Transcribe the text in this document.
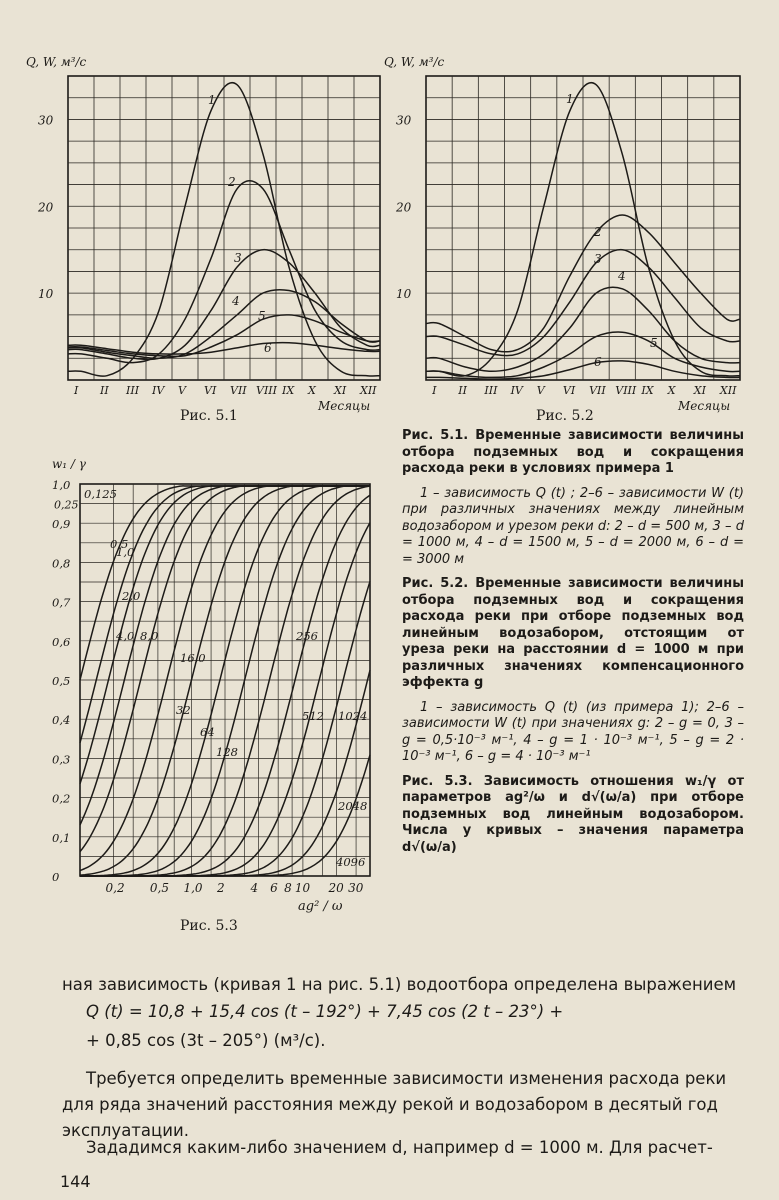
10
20
30
Q, W, м³/с
I II III IV V VI VII VIII IX X XI XII
Месяцы
1
2
3
4
5
6
10
20
30
Q, W, м³/с
I II III IV V VI VII VIII IX X XI XII
Месяцы
1
2
3
4
5
6
0
0,1
0,2
0,3
0,4
0,5
0,6
0,7
0,8
0,9
1,0
0,25
w₁ / γ
0,2 0,5 1,0 2 4 6 8 10 20 30
ag² / ω
0,125
0,5
1,0
2,0
4,0 8,0
16,0
32
64
128
256
512 1024
2048
4096
Рис. 5.1	Рис. 5.2
Рис. 5.3

Рис. 5.1. Временные зависимости величины отбора подземных вод и сокращения расхода реки в условиях примера 1

1 – зависимость Q (t) ; 2–6 – зависимости W (t) при различных значениях между линейным водозабором и урезом реки d: 2 – d = 500 м, 3 – d = 1000 м, 4 – d = 1500 м, 5 – d = 2000 м, 6 – d = = 3000 м

Рис. 5.2. Временные зависимости величины отбора подземных вод и сокращения расхода реки при отборе подземных вод линейным водозабором, отстоящим от уреза реки на расстоянии d = 1000 м при различных значениях компенсационного эффекта g

1 – зависимость Q (t) (из примера 1); 2–6 – зависимости W (t) при значениях g: 2 – g = 0, 3 – g = 0,5·10⁻³ м⁻¹, 4 – g = 1 · 10⁻³ м⁻¹, 5 – g = 2 · 10⁻³ м⁻¹, 6 – g = 4 · 10⁻³ м⁻¹

Рис. 5.3. Зависимость отношения w₁/γ от параметров ag²/ω и d√(ω/a) при отборе подземных вод линейным водозабором. Числа у кривых – значения параметра d√(ω/a)

ная зависимость (кривая 1 на рис. 5.1) водоотбора определена выражением
Q (t) = 10,8 + 15,4 cos (t – 192°) + 7,45 cos (2 t – 23°) +
+ 0,85 cos (3t – 205°) (м³/с).
Требуется определить временные зависимости изменения расхода реки
для ряда значений расстояния между рекой и водозабором в десятый год
эксплуатации.
Зададимся каким-либо значением d, например d = 1000 м. Для расчет-
144
